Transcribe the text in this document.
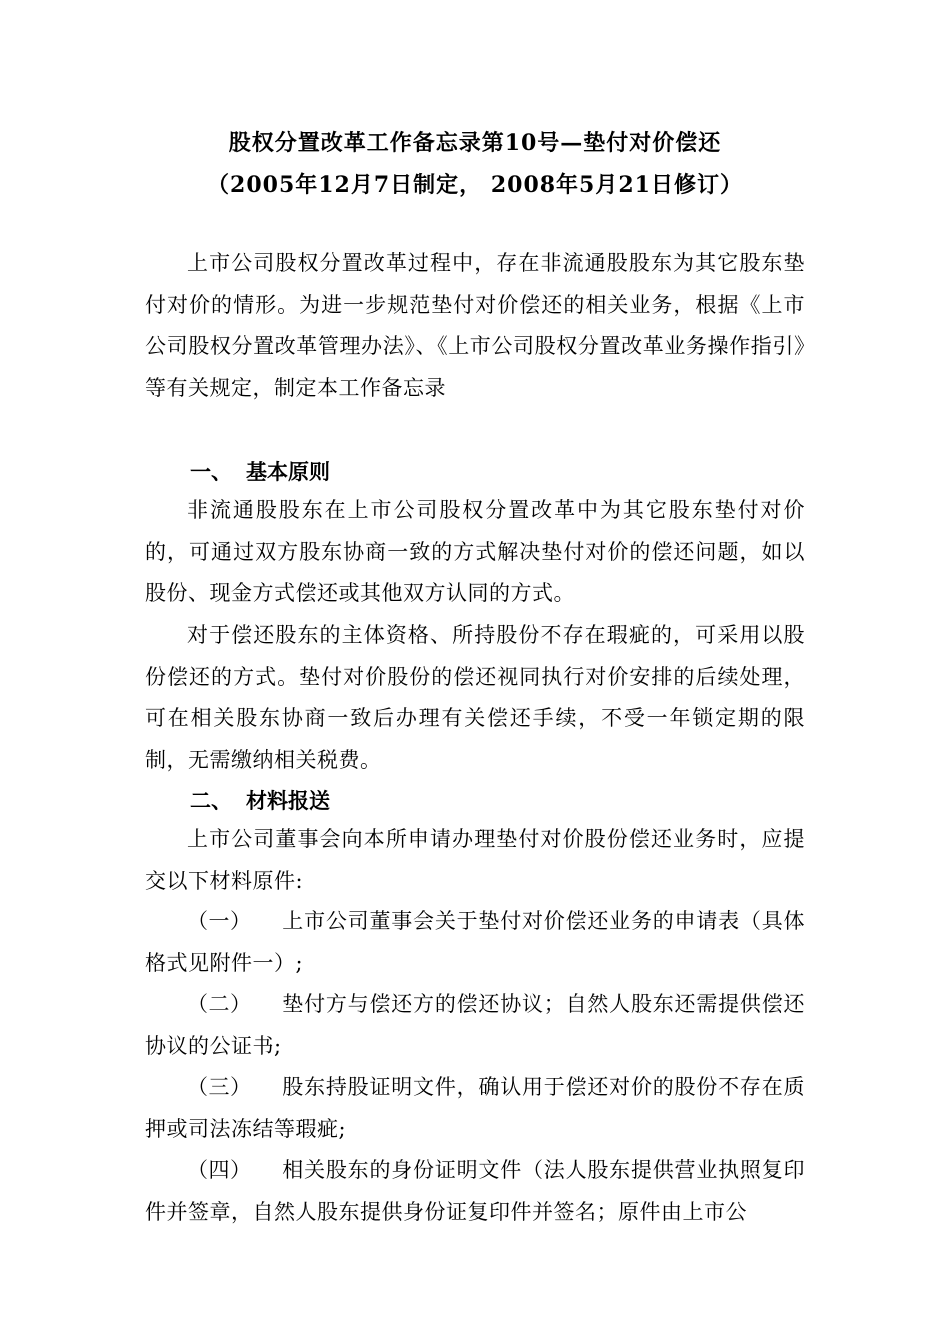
股权分置改革工作备忘录第10号—垫付对价偿还
（2005年12月7日制定， 2008年5月21日修订）

上市公司股权分置改革过程中，存在非流通股股东为其它股东垫付对价的情形。为进一步规范垫付对价偿还的相关业务，根据《上市公司股权分置改革管理办法》、《上市公司股权分置改革业务操作指引》等有关规定，制定本工作备忘录

一、 基本原则

非流通股股东在上市公司股权分置改革中为其它股东垫付对价的，可通过双方股东协商一致的方式解决垫付对价的偿还问题，如以股份、现金方式偿还或其他双方认同的方式。

对于偿还股东的主体资格、所持股份不存在瑕疵的，可采用以股份偿还的方式。垫付对价股份的偿还视同执行对价安排的后续处理，可在相关股东协商一致后办理有关偿还手续，不受一年锁定期的限制，无需缴纳相关税费。

二、 材料报送

上市公司董事会向本所申请办理垫付对价股份偿还业务时，应提交以下材料原件:

（一） 上市公司董事会关于垫付对价偿还业务的申请表（具体格式见附件一）;

（二） 垫付方与偿还方的偿还协议；自然人股东还需提供偿还协议的公证书;

（三） 股东持股证明文件，确认用于偿还对价的股份不存在质押或司法冻结等瑕疵;

（四） 相关股东的身份证明文件（法人股东提供营业执照复印件并签章，自然人股东提供身份证复印件并签名；原件由上市公
